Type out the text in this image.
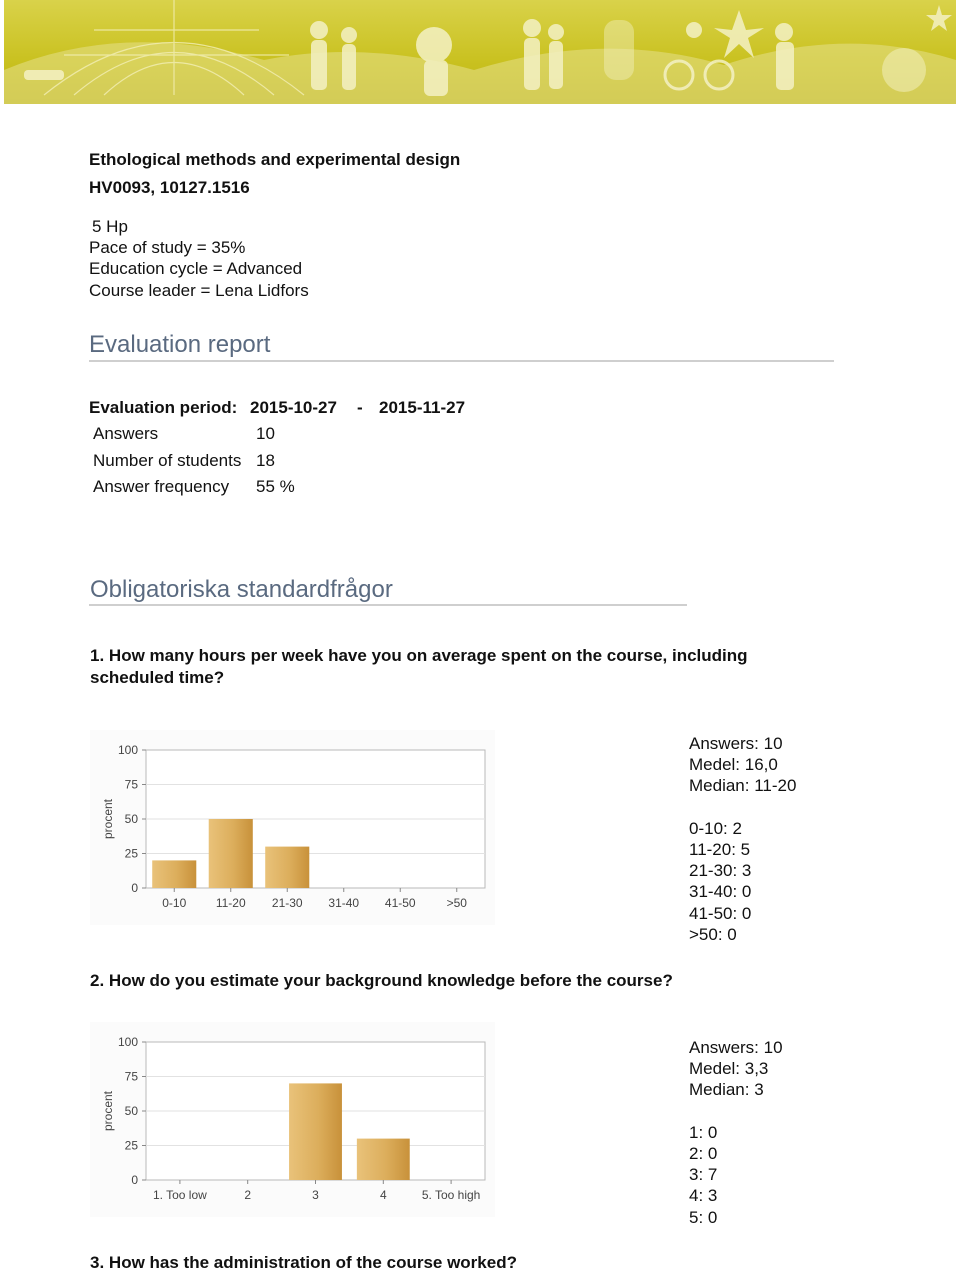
Ethological methods and experimental design
HV0093, 10127.1516
5 Hp
Pace of study = 35%
Education cycle = Advanced
Course leader = Lena Lidfors
Evaluation report
Evaluation period: 2015-10-27 - 2015-11-27
Answers	10
Number of students 18
Answer frequency 55 %
Obligatoriska standardfrågor
1. How many hours per week have you on average spent on the course, including scheduled time?
0
25
50
75
100
procent
0-10 11-20 21-30 31-40 41-50	>50
Answers: 10
Medel: 16,0
Median: 11-20
0-10: 2
11-20: 5
21-30: 3
31-40: 0
41-50: 0
>50: 0
2. How do you estimate your background knowledge before the course?
0
25
50
75
100
procent
1. Too low	2	3	4	5. Too high
Answers: 10
Medel: 3,3
Median: 3
1: 0
2: 0
3: 7
4: 3
5: 0
3. How has the administration of the course worked?
